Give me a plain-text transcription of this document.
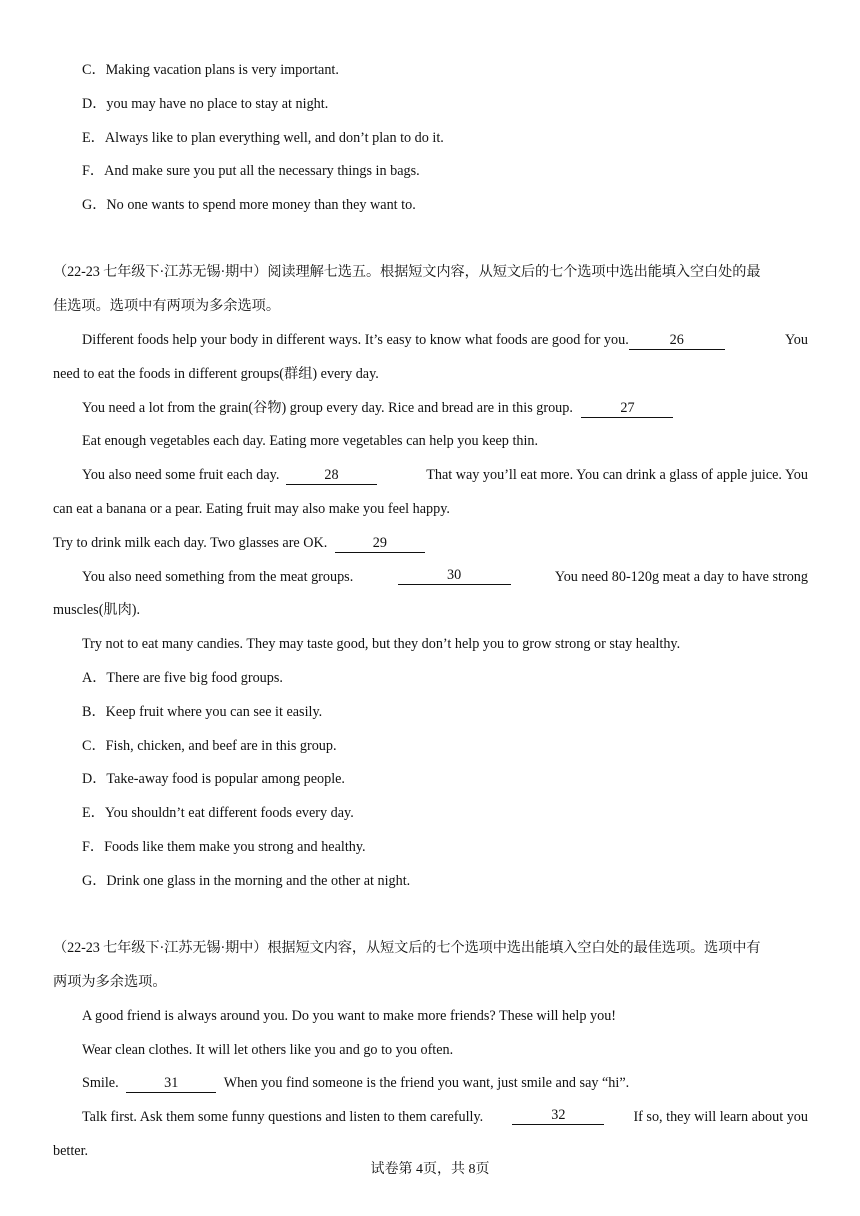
C．Making vacation plans is very important.
D．you may have no place to stay at night.
E．Always like to plan everything well, and don’t plan to do it.
F．And make sure you put all the necessary things in bags.
G．No one wants to spend more money than they want to.
（22-23 七年级下·江苏无锡·期中）阅读理解七选五。根据短文内容，从短文后的七个选项中选出能填入空白处的最
佳选项。选项中有两项为多余选项。
Different foods help your body in different ways. It’s easy to know what foods are good for you.	26	You
need to eat the foods in different groups(群组) every day.
You need a lot from the grain(谷物) group every day. Rice and bread are in this group.	27
Eat enough vegetables each day. Eating more vegetables can help you keep thin.
You also need some fruit each day.	28	That way you’ll eat more. You can drink a glass of apple juice. You
can eat a banana or a pear. Eating fruit may also make you feel happy.
Try to drink milk each day. Two glasses are OK.	29
You also need something from the meat groups.	30	You need 80-120g meat a day to have strong
muscles(肌肉).
Try not to eat many candies. They may taste good, but they don’t help you to grow strong or stay healthy.
A．There are five big food groups.
B．Keep fruit where you can see it easily.
C．Fish, chicken, and beef are in this group.
D．Take-away food is popular among people.
E．You shouldn’t eat different foods every day.
F．Foods like them make you strong and healthy.
G．Drink one glass in the morning and the other at night.
（22-23 七年级下·江苏无锡·期中）根据短文内容，从短文后的七个选项中选出能填入空白处的最佳选项。选项中有
两项为多余选项。
A good friend is always around you. Do you want to make more friends? These will help you!
Wear clean clothes. It will let others like you and go to you often.
Smile.	31	When you find someone is the friend you want, just smile and say “hi”.
Talk first. Ask them some funny questions and listen to them carefully.	32	If so, they will learn about you
better.
试卷第 4页，共 8页
